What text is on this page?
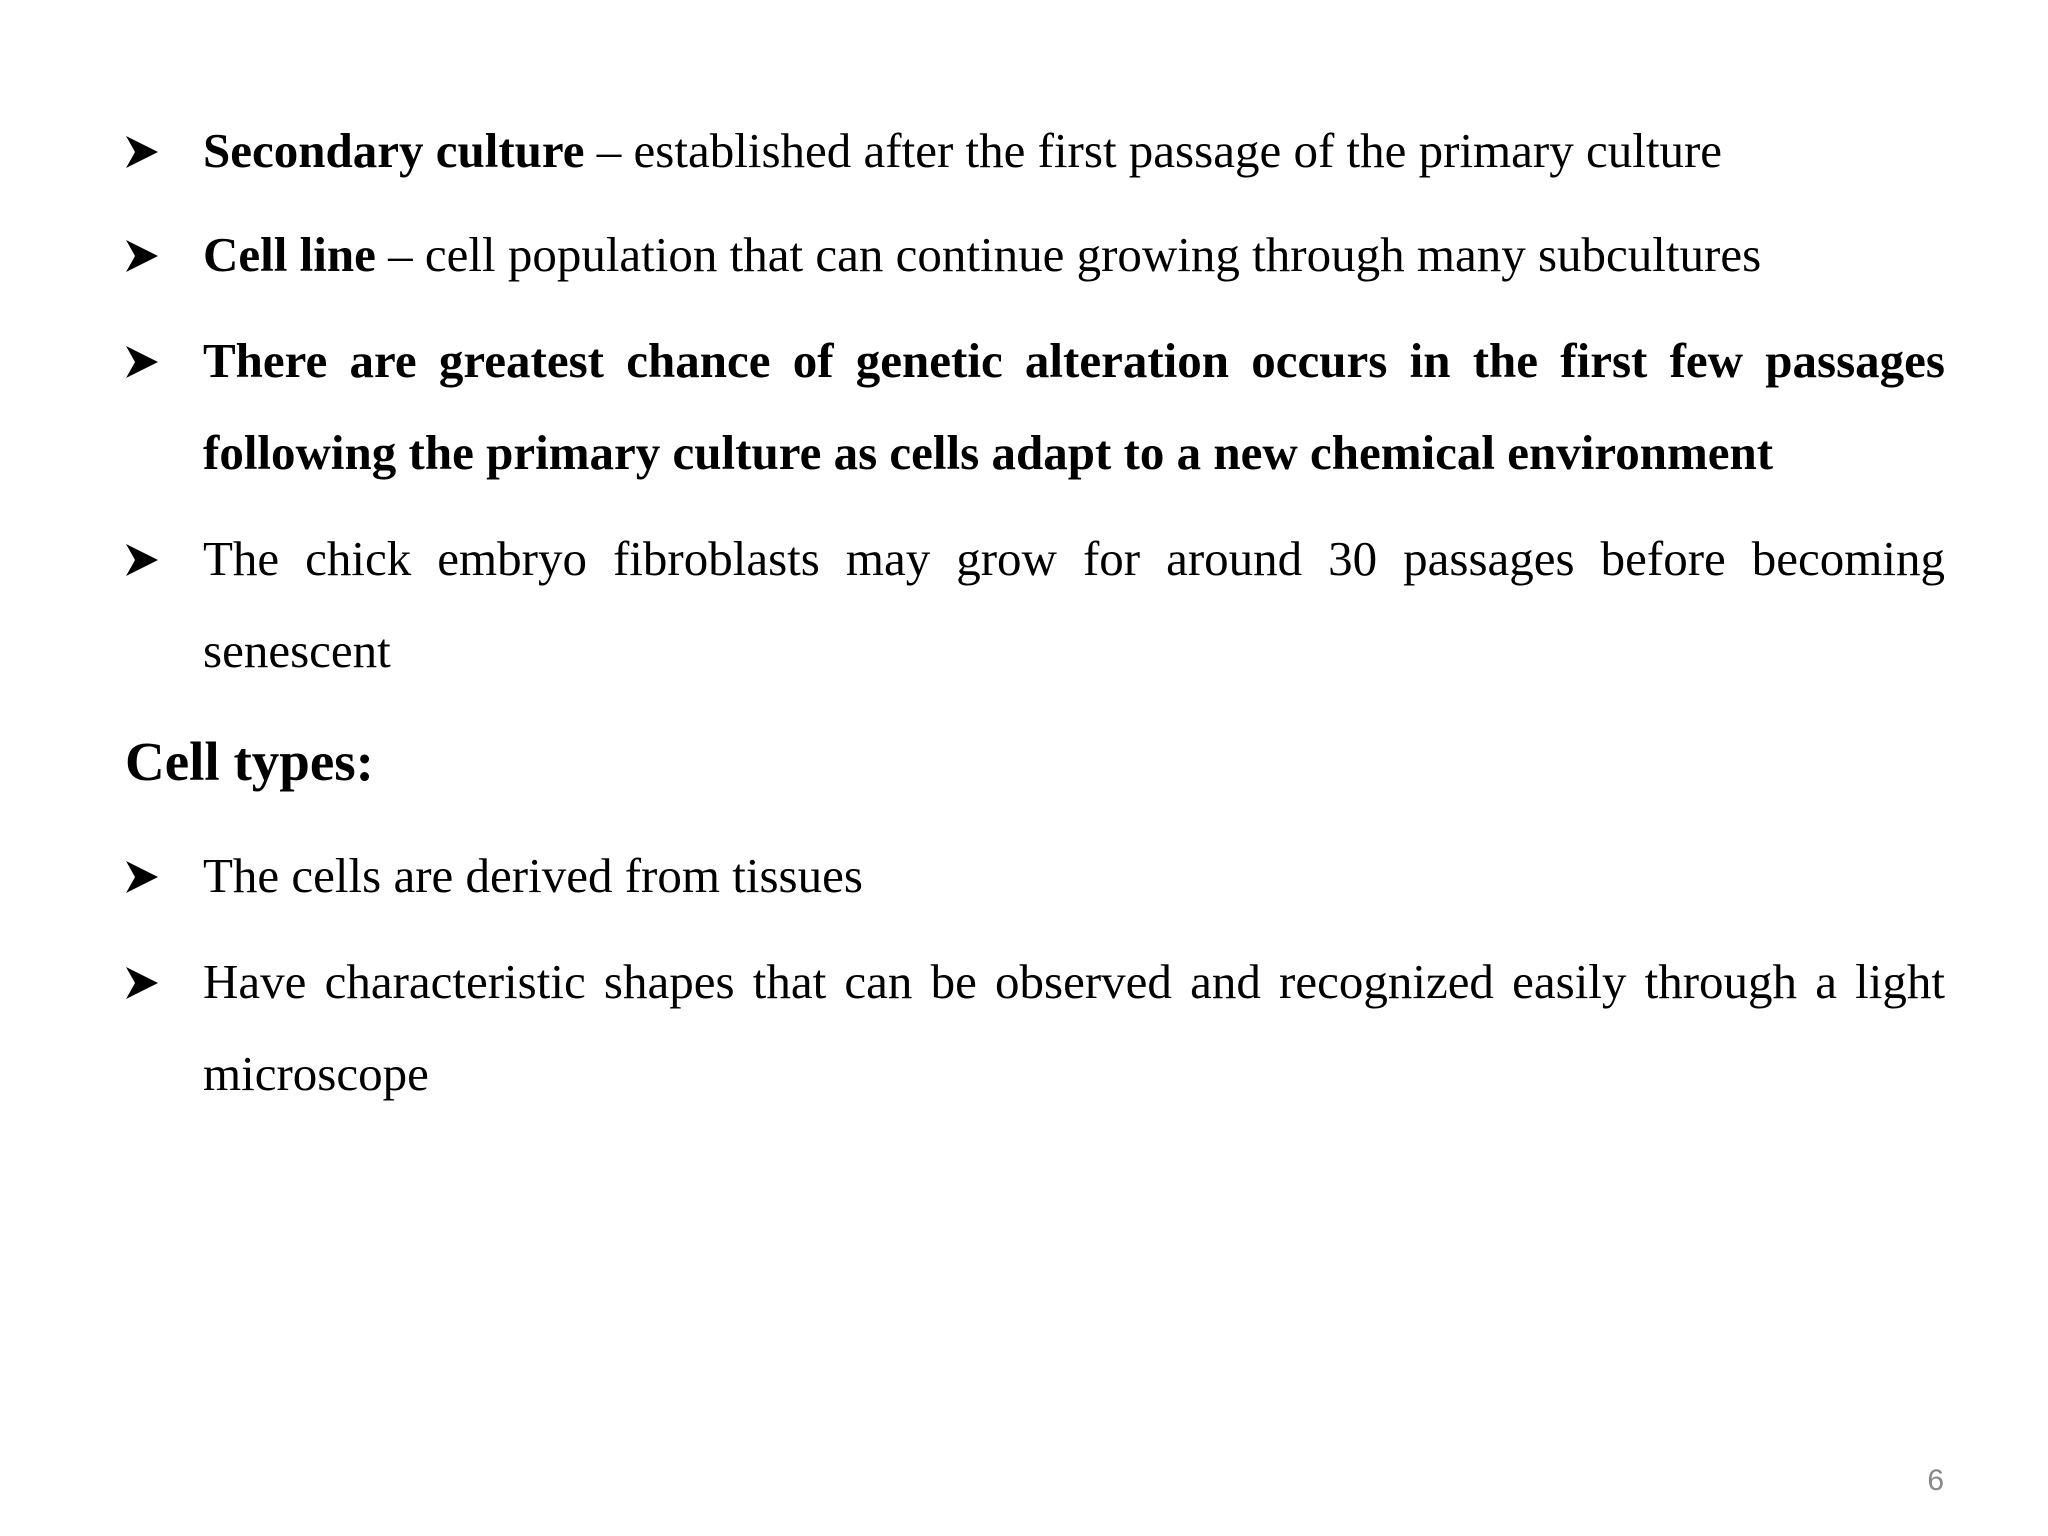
Secondary culture – established after the first passage of the primary culture
Cell line – cell population that can continue growing through many subcultures
There are greatest chance of genetic alteration occurs in the first few passages following the primary culture as cells adapt to a new chemical environment
The chick embryo fibroblasts may grow for around 30 passages before becoming senescent
Cell types:
The cells are derived from tissues
Have characteristic shapes that can be observed and recognized easily through a light microscope
6
